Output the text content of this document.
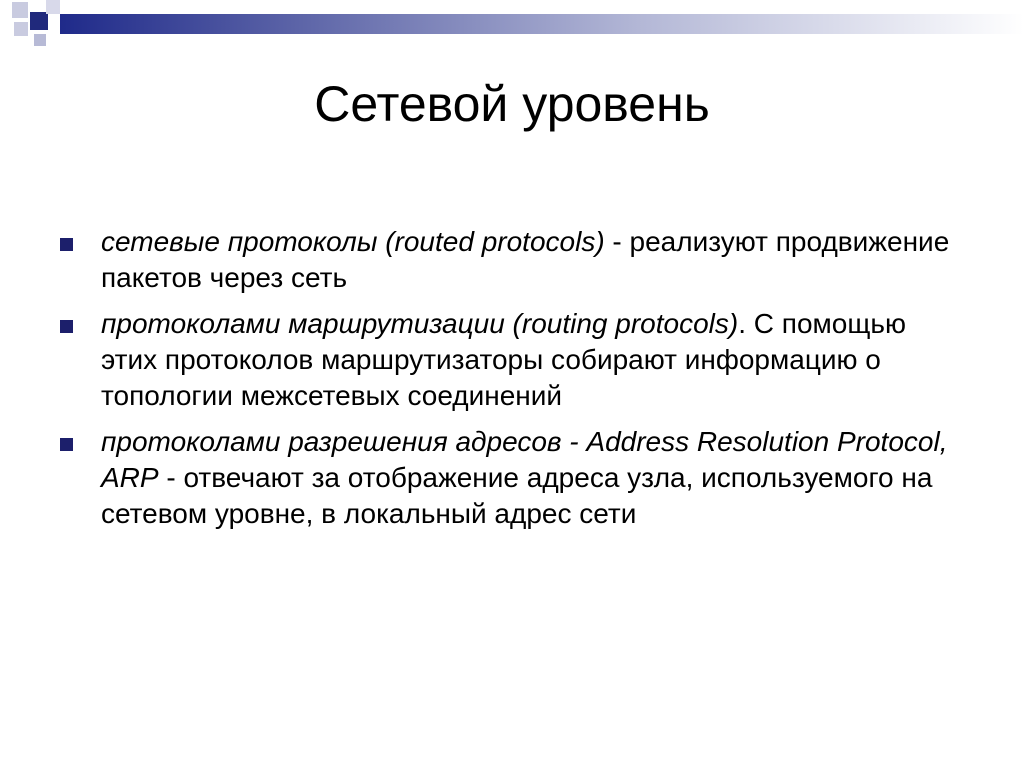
Сетевой уровень
сетевые протоколы (routed protocols) - реализуют продвижение пакетов через сеть
протоколами маршрутизации (routing protocols). С помощью этих протоколов маршрутизаторы собирают информацию о топологии межсетевых соединений
протоколами разрешения адресов - Address Resolution Protocol, ARP - отвечают за отображение адреса узла, используемого на сетевом уровне, в локальный адрес сети
